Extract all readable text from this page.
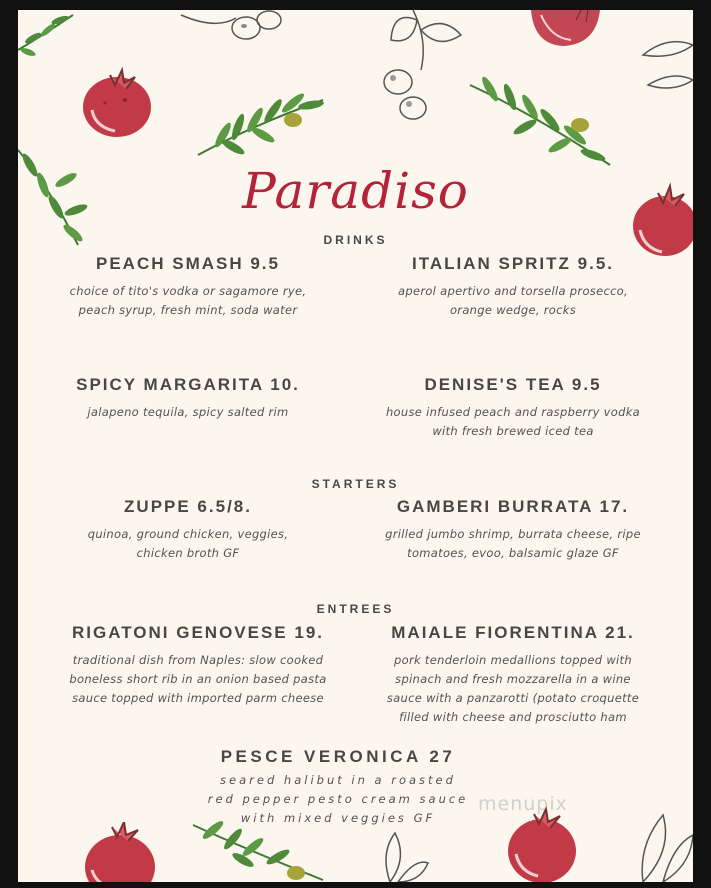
Paradiso
DRINKS
STARTERS
ENTREES
PEACH SMASH 9.5
choice of tito's vodka or sagamore rye,
peach syrup, fresh mint, soda water
ITALIAN SPRITZ 9.5.
aperol apertivo and torsella prosecco,
orange wedge, rocks
SPICY MARGARITA 10.
jalapeno tequila, spicy salted rim
DENISE'S TEA 9.5
house infused peach and raspberry vodka
with fresh brewed iced tea
ZUPPE 6.5/8.
quinoa, ground chicken, veggies,
chicken broth GF
GAMBERI BURRATA 17.
grilled jumbo shrimp, burrata cheese, ripe
tomatoes, evoo, balsamic glaze GF
RIGATONI GENOVESE 19.
traditional dish from Naples: slow cooked
boneless short rib in an onion based pasta
sauce topped with imported parm cheese
MAIALE FIORENTINA 21.
pork tenderloin medallions topped with
spinach and fresh mozzarella in a wine
sauce with a panzarotti (potato croquette
filled with cheese and prosciutto ham
PESCE VERONICA 27
seared halibut in a roasted
red pepper pesto cream sauce
with mixed veggies GF
menupix
